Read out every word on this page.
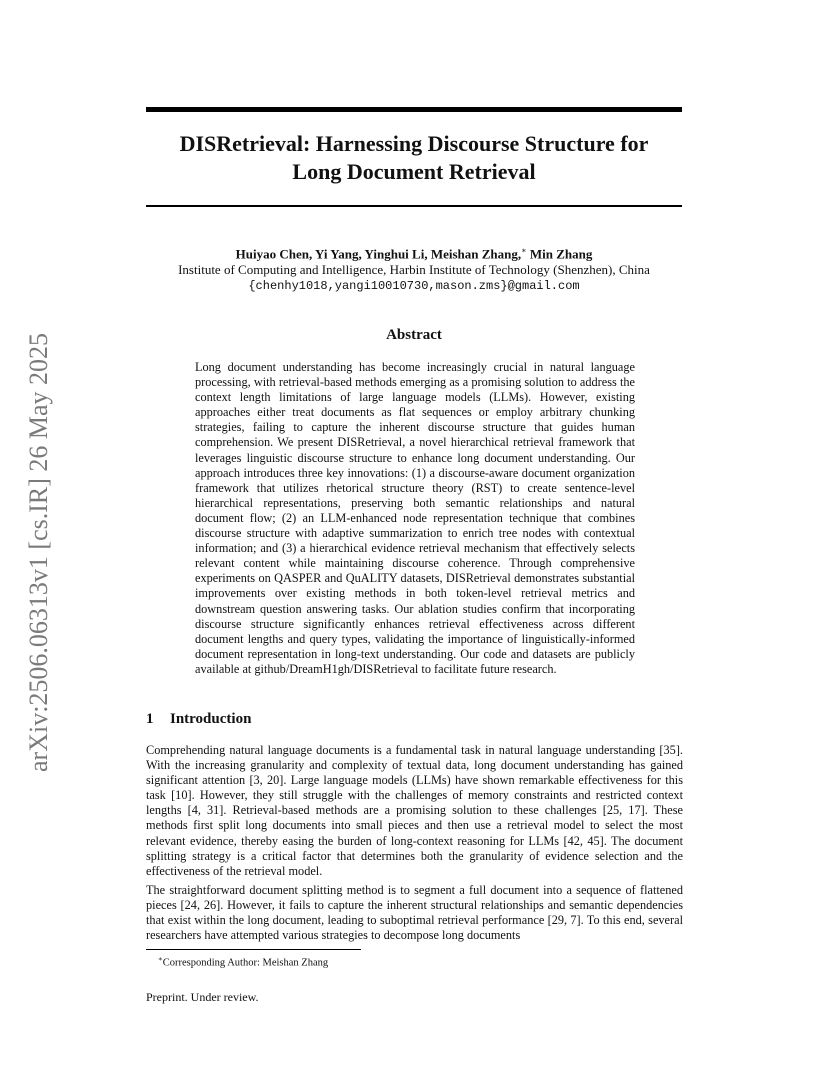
arXiv:2506.06313v1 [cs.IR] 26 May 2025
DISRetrieval: Harnessing Discourse Structure for
Long Document Retrieval
Huiyao Chen, Yi Yang, Yinghui Li, Meishan Zhang,∗ Min Zhang
Institute of Computing and Intelligence, Harbin Institute of Technology (Shenzhen), China
{chenhy1018,yangi10010730,mason.zms}@gmail.com
Abstract

Long document understanding has become increasingly crucial in natural language processing, with retrieval-based methods emerging as a promising solution to address the context length limitations of large language models (LLMs). However, existing approaches either treat documents as flat sequences or employ arbitrary chunking strategies, failing to capture the inherent discourse structure that guides human comprehension. We present DISRetrieval, a novel hierarchical retrieval framework that leverages linguistic discourse structure to enhance long document understanding. Our approach introduces three key innovations: (1) a discourse-aware document organization framework that utilizes rhetorical structure theory (RST) to create sentence-level hierarchical representations, preserving both semantic relationships and natural document flow; (2) an LLM-enhanced node representation technique that combines discourse structure with adaptive summarization to enrich tree nodes with contextual information; and (3) a hierarchical evidence retrieval mechanism that effectively selects relevant content while maintaining discourse coherence. Through comprehensive experiments on QASPER and QuALITY datasets, DISRetrieval demonstrates substantial improvements over existing methods in both token-level retrieval metrics and downstream question answering tasks. Our ablation studies confirm that incorporating discourse structure significantly enhances retrieval effectiveness across different document lengths and query types, validating the importance of linguistically-informed document representation in long-text understanding. Our code and datasets are publicly available at github/DreamH1gh/DISRetrieval to facilitate future research.

1 Introduction

Comprehending natural language documents is a fundamental task in natural language understanding [35]. With the increasing granularity and complexity of textual data, long document understanding has gained significant attention [3, 20]. Large language models (LLMs) have shown remarkable effectiveness for this task [10]. However, they still struggle with the challenges of memory constraints and restricted context lengths [4, 31]. Retrieval-based methods are a promising solution to these challenges [25, 17]. These methods first split long documents into small pieces and then use a retrieval model to select the most relevant evidence, thereby easing the burden of long-context reasoning for LLMs [42, 45]. The document splitting strategy is a critical factor that determines both the granularity of evidence selection and the effectiveness of the retrieval model.

The straightforward document splitting method is to segment a full document into a sequence of flattened pieces [24, 26]. However, it fails to capture the inherent structural relationships and semantic dependencies that exist within the long document, leading to suboptimal retrieval performance [29, 7]. To this end, several researchers have attempted various strategies to decompose long documents

∗Corresponding Author: Meishan Zhang
Preprint. Under review.
